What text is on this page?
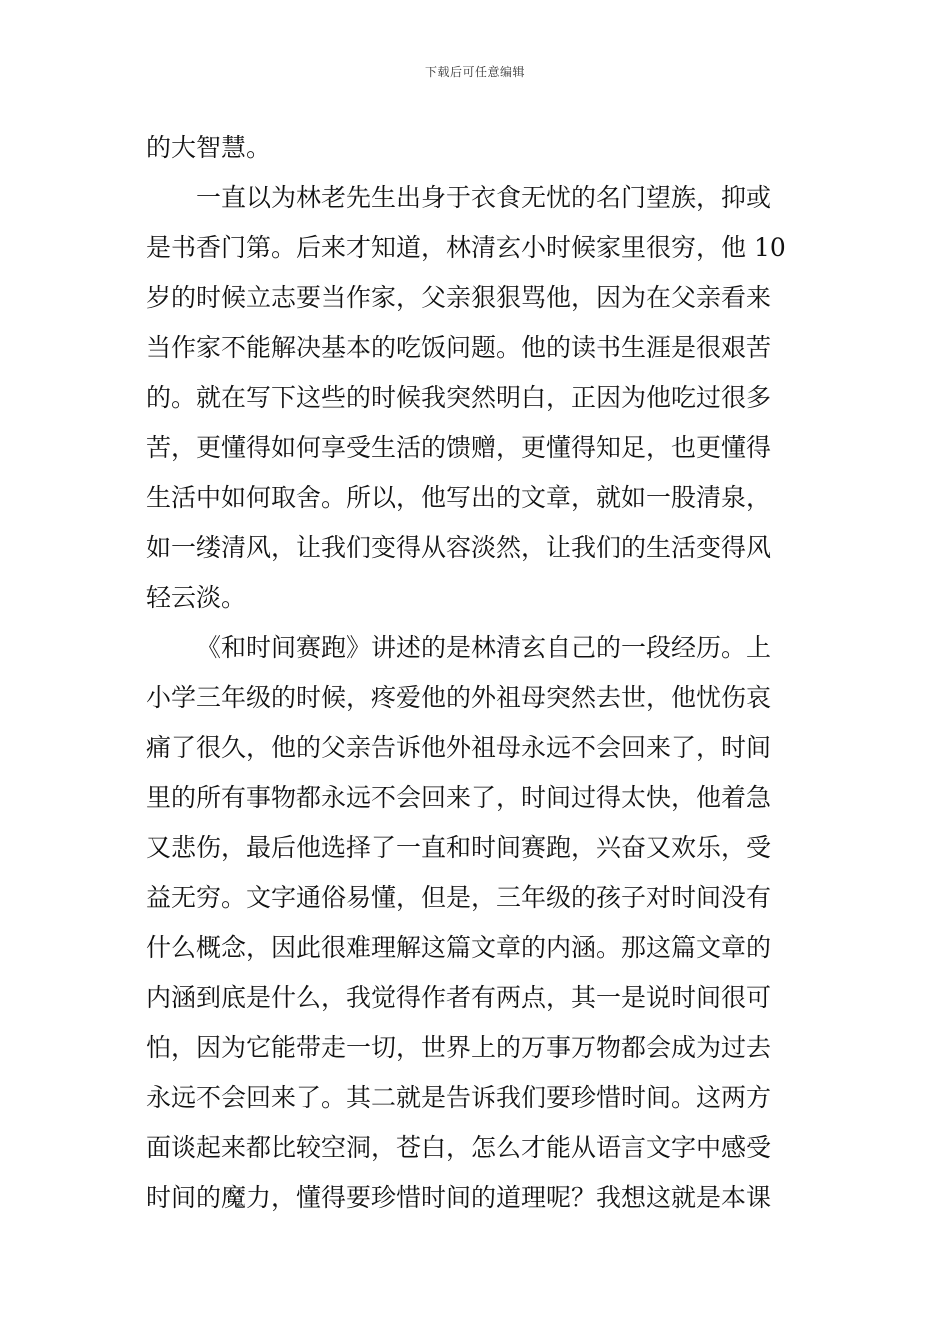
下载后可任意编辑
的大智慧。
一直以为林老先生出身于衣食无忧的名门望族，抑或
是书香门第。后来才知道，林清玄小时候家里很穷，他 10
岁的时候立志要当作家，父亲狠狠骂他，因为在父亲看来
当作家不能解决基本的吃饭问题。他的读书生涯是很艰苦
的。就在写下这些的时候我突然明白，正因为他吃过很多
苦，更懂得如何享受生活的馈赠，更懂得知足，也更懂得
生活中如何取舍。所以，他写出的文章，就如一股清泉，
如一缕清风，让我们变得从容淡然，让我们的生活变得风
轻云淡。
《和时间赛跑》讲述的是林清玄自己的一段经历。上
小学三年级的时候，疼爱他的外祖母突然去世，他忧伤哀
痛了很久，他的父亲告诉他外祖母永远不会回来了，时间
里的所有事物都永远不会回来了，时间过得太快，他着急
又悲伤，最后他选择了一直和时间赛跑，兴奋又欢乐，受
益无穷。文字通俗易懂，但是，三年级的孩子对时间没有
什么概念，因此很难理解这篇文章的内涵。那这篇文章的
内涵到底是什么，我觉得作者有两点，其一是说时间很可
怕，因为它能带走一切，世界上的万事万物都会成为过去
永远不会回来了。其二就是告诉我们要珍惜时间。这两方
面谈起来都比较空洞，苍白，怎么才能从语言文字中感受
时间的魔力，懂得要珍惜时间的道理呢？我想这就是本课
